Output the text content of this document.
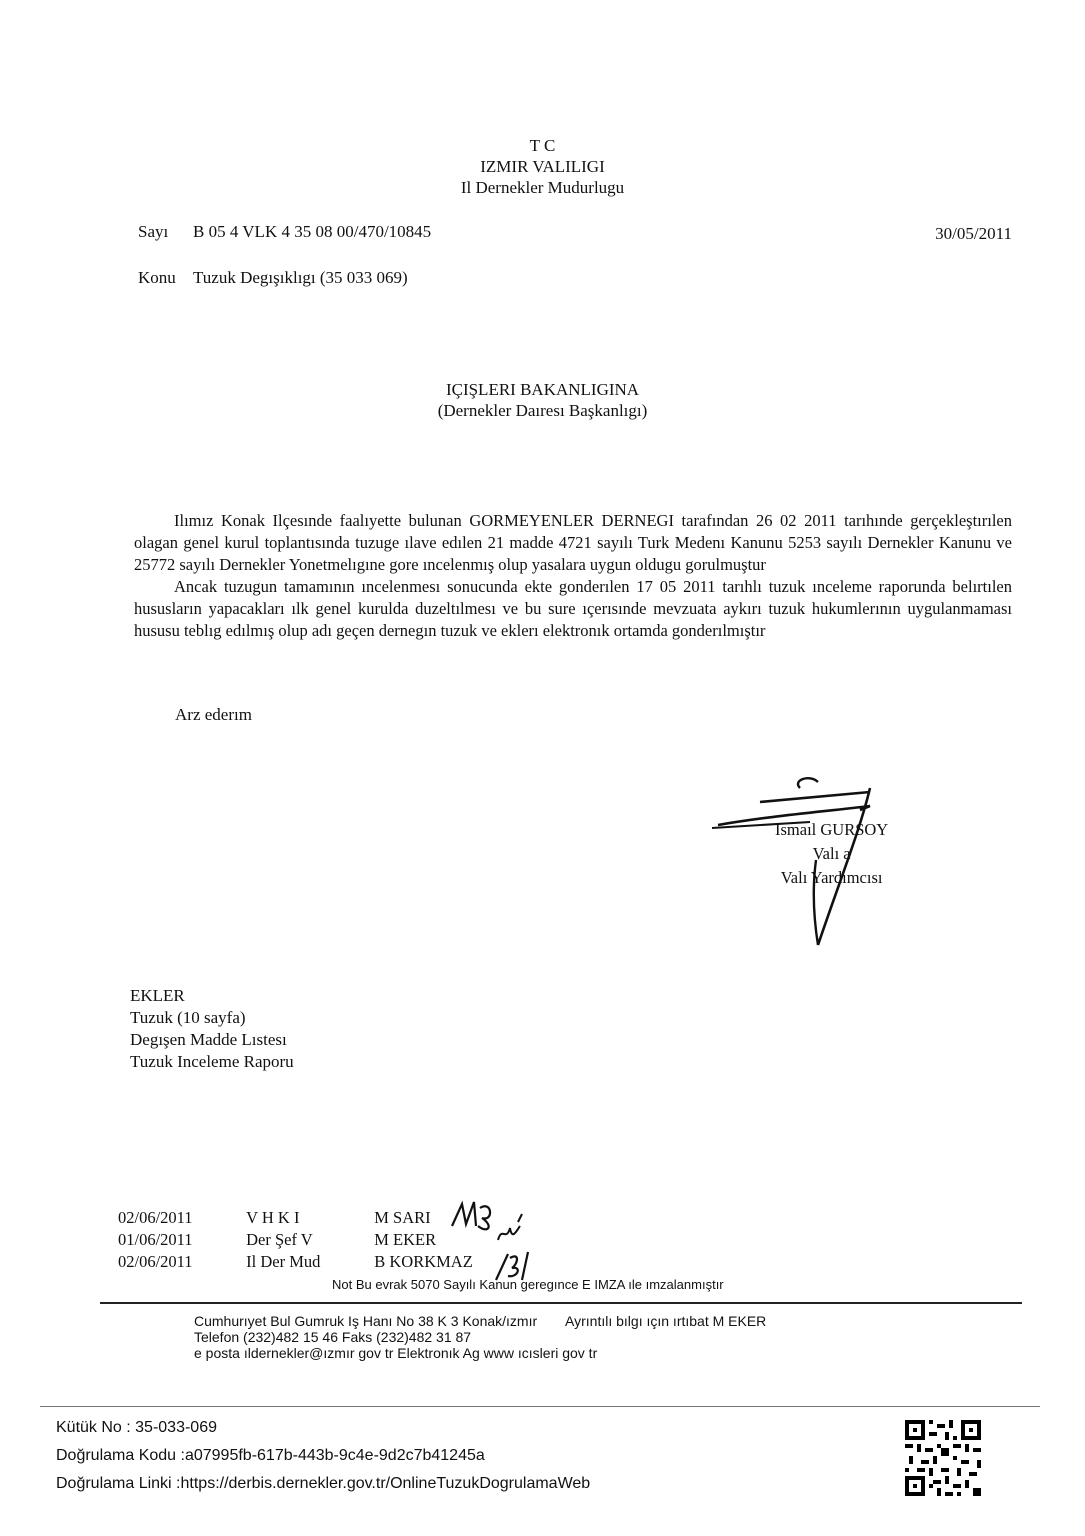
T C
IZMIR VALILIGI
Il Dernekler Mudurlugu
Sayı B 05 4 VLK 4 35 08 00/470/10845	30/05/2011
Konu Tuzuk Degışıklıgı (35 033 069)
IÇIŞLERI BAKANLIGINA
(Dernekler Daıresı Başkanlıgı)

Ilımız Konak Ilçesınde faalıyette bulunan GORMEYENLER DERNEGI tarafından 26 02 2011 tarıhınde gerçekleştırılen olagan genel kurul toplantısında tuzuge ılave edılen 21 madde 4721 sayılı Turk Medenı Kanunu 5253 sayılı Dernekler Kanunu ve 25772 sayılı Dernekler Yonetmelıgıne gore ıncelenmış olup yasalara uygun oldugu gorulmuştur

Ancak tuzugun tamamının ıncelenmesı sonucunda ekte gonderılen 17 05 2011 tarıhlı tuzuk ınceleme raporunda belırtılen hususların yapacakları ılk genel kurulda duzeltılmesı ve bu sure ıçerısınde mevzuata aykırı tuzuk hukumlerının uygulanmaması hususu teblıg edılmış olup adı geçen dernegın tuzuk ve eklerı elektronık ortamda gonderılmıştır

Arz ederım
Ismaıl GURSOY
Valı a
Valı Yardımcısı
EKLER
Tuzuk (10 sayfa)
Degışen Madde Lıstesı
Tuzuk Inceleme Raporu
02/06/2011	V H K I	M SARI
01/06/2011	Der Şef V	M EKER
02/06/2011	Il Der Mud	B KORKMAZ
Not Bu evrak 5070 Sayılı Kanun geregınce E IMZA ıle ımzalanmıştır
Cumhurıyet Bul Gumruk Iş Hanı No 38 K 3 Konak/ızmır Ayrıntılı bılgı ıçın ırtıbat M EKER
Telefon (232)482 15 46 Faks (232)482 31 87
e posta ıldernekler@ızmır gov tr Elektronık Ag www ıcısleri gov tr
Kütük No : 35-033-069
Doğrulama Kodu :a07995fb-617b-443b-9c4e-9d2c7b41245a
Doğrulama Linki :https://derbis.dernekler.gov.tr/OnlineTuzukDogrulamaWeb
